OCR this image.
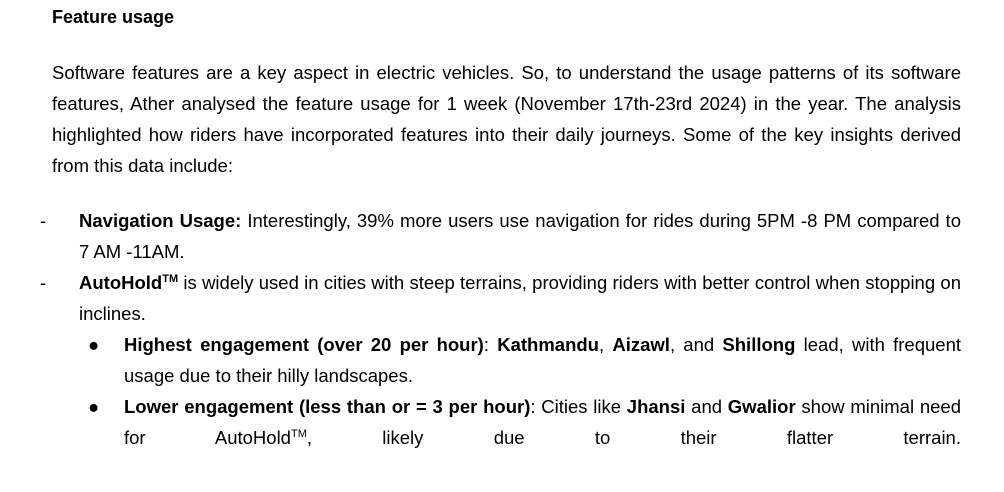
Feature usage

Software features are a key aspect in electric vehicles. So, to understand the usage patterns of its software features, Ather analysed the feature usage for 1 week (November 17th-23rd 2024) in the year. The analysis highlighted how riders have incorporated features into their daily journeys. Some of the key insights derived from this data include:

- Navigation Usage: Interestingly, 39% more users use navigation for rides during 5PM -8 PM compared to 7 AM -11AM.
- AutoHold™ is widely used in cities with steep terrains, providing riders with better control when stopping on inclines.
● Highest engagement (over 20 per hour): Kathmandu, Aizawl, and Shillong lead, with frequent usage due to their hilly landscapes.
● Lower engagement (less than or = 3 per hour): Cities like Jhansi and Gwalior show minimal need for AutoHold™, likely due to their flatter terrain.
